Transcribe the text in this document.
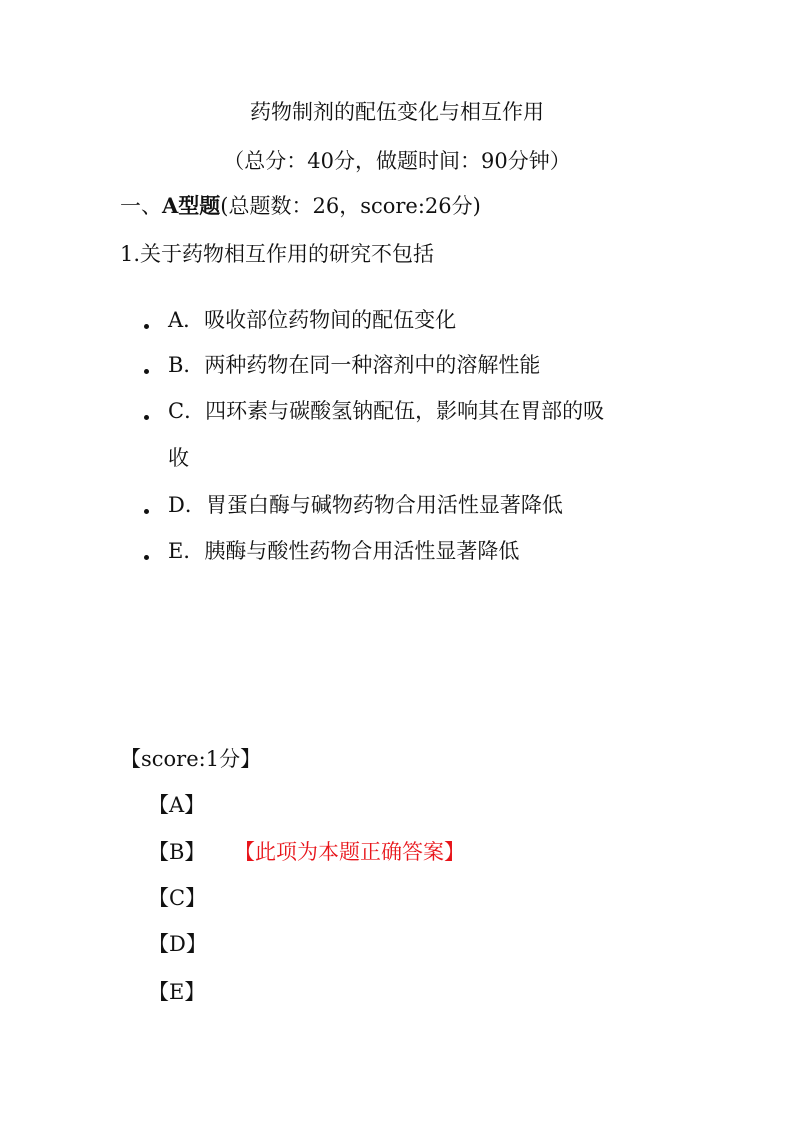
药物制剂的配伍变化与相互作用
（总分：40分，做题时间：90分钟）
一、A型题(总题数：26，score:26分)
1.关于药物相互作用的研究不包括
A．吸收部位药物间的配伍变化
B．两种药物在同一种溶剂中的溶解性能
C．四环素与碳酸氢钠配伍，影响其在胃部的吸
收
D．胃蛋白酶与碱物药物合用活性显著降低
E．胰酶与酸性药物合用活性显著降低
【score:1分】
【A】
【B】 【此项为本题正确答案】
【C】
【D】
【E】
